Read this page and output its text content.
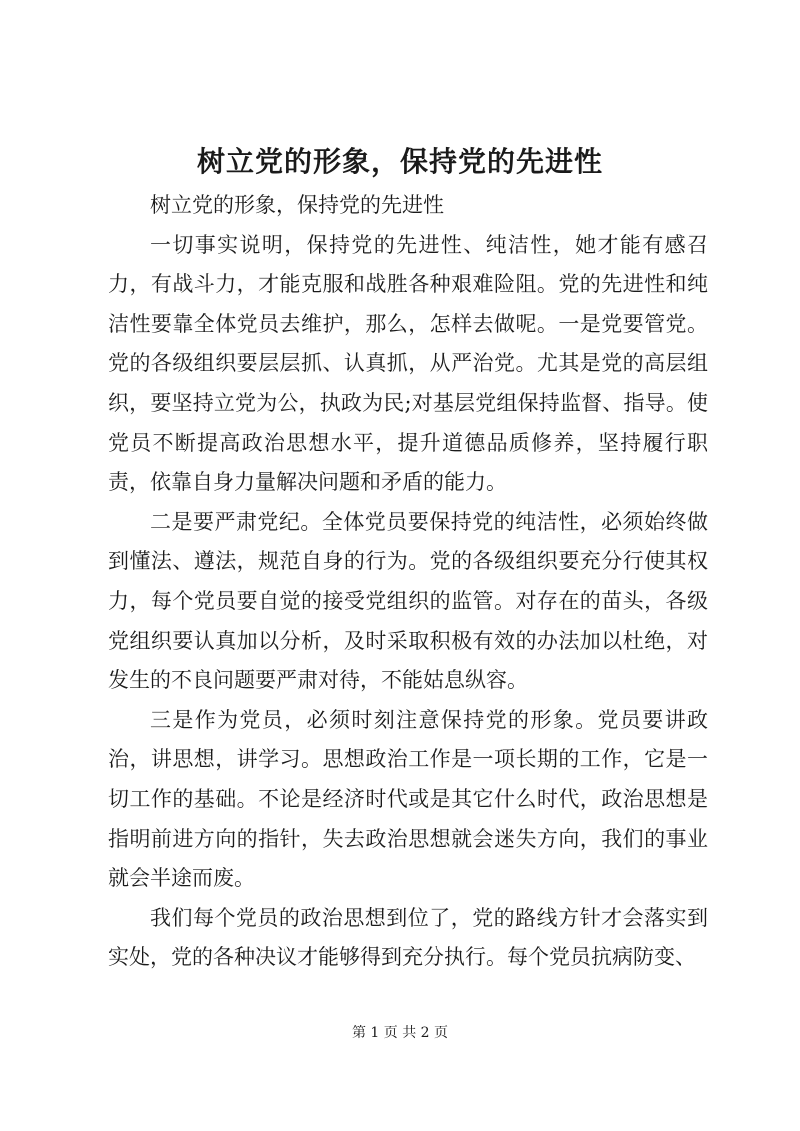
树立党的形象，保持党的先进性

树立党的形象，保持党的先进性

一切事实说明，保持党的先进性、纯洁性，她才能有感召力，有战斗力，才能克服和战胜各种艰难险阻。党的先进性和纯洁性要靠全体党员去维护，那么，怎样去做呢。一是党要管党。党的各级组织要层层抓、认真抓，从严治党。尤其是党的高层组织，要坚持立党为公，执政为民;对基层党组保持监督、指导。使党员不断提高政治思想水平，提升道德品质修养，坚持履行职责，依靠自身力量解决问题和矛盾的能力。

二是要严肃党纪。全体党员要保持党的纯洁性，必须始终做到懂法、遵法，规范自身的行为。党的各级组织要充分行使其权力，每个党员要自觉的接受党组织的监管。对存在的苗头，各级党组织要认真加以分析，及时采取积极有效的办法加以杜绝，对发生的不良问题要严肃对待，不能姑息纵容。

三是作为党员，必须时刻注意保持党的形象。党员要讲政治，讲思想，讲学习。思想政治工作是一项长期的工作，它是一切工作的基础。不论是经济时代或是其它什么时代，政治思想是指明前进方向的指针，失去政治思想就会迷失方向，我们的事业就会半途而废。

我们每个党员的政治思想到位了，党的路线方针才会落实到实处，党的各种决议才能够得到充分执行。每个党员抗病防变、

第 1 页 共 2 页
